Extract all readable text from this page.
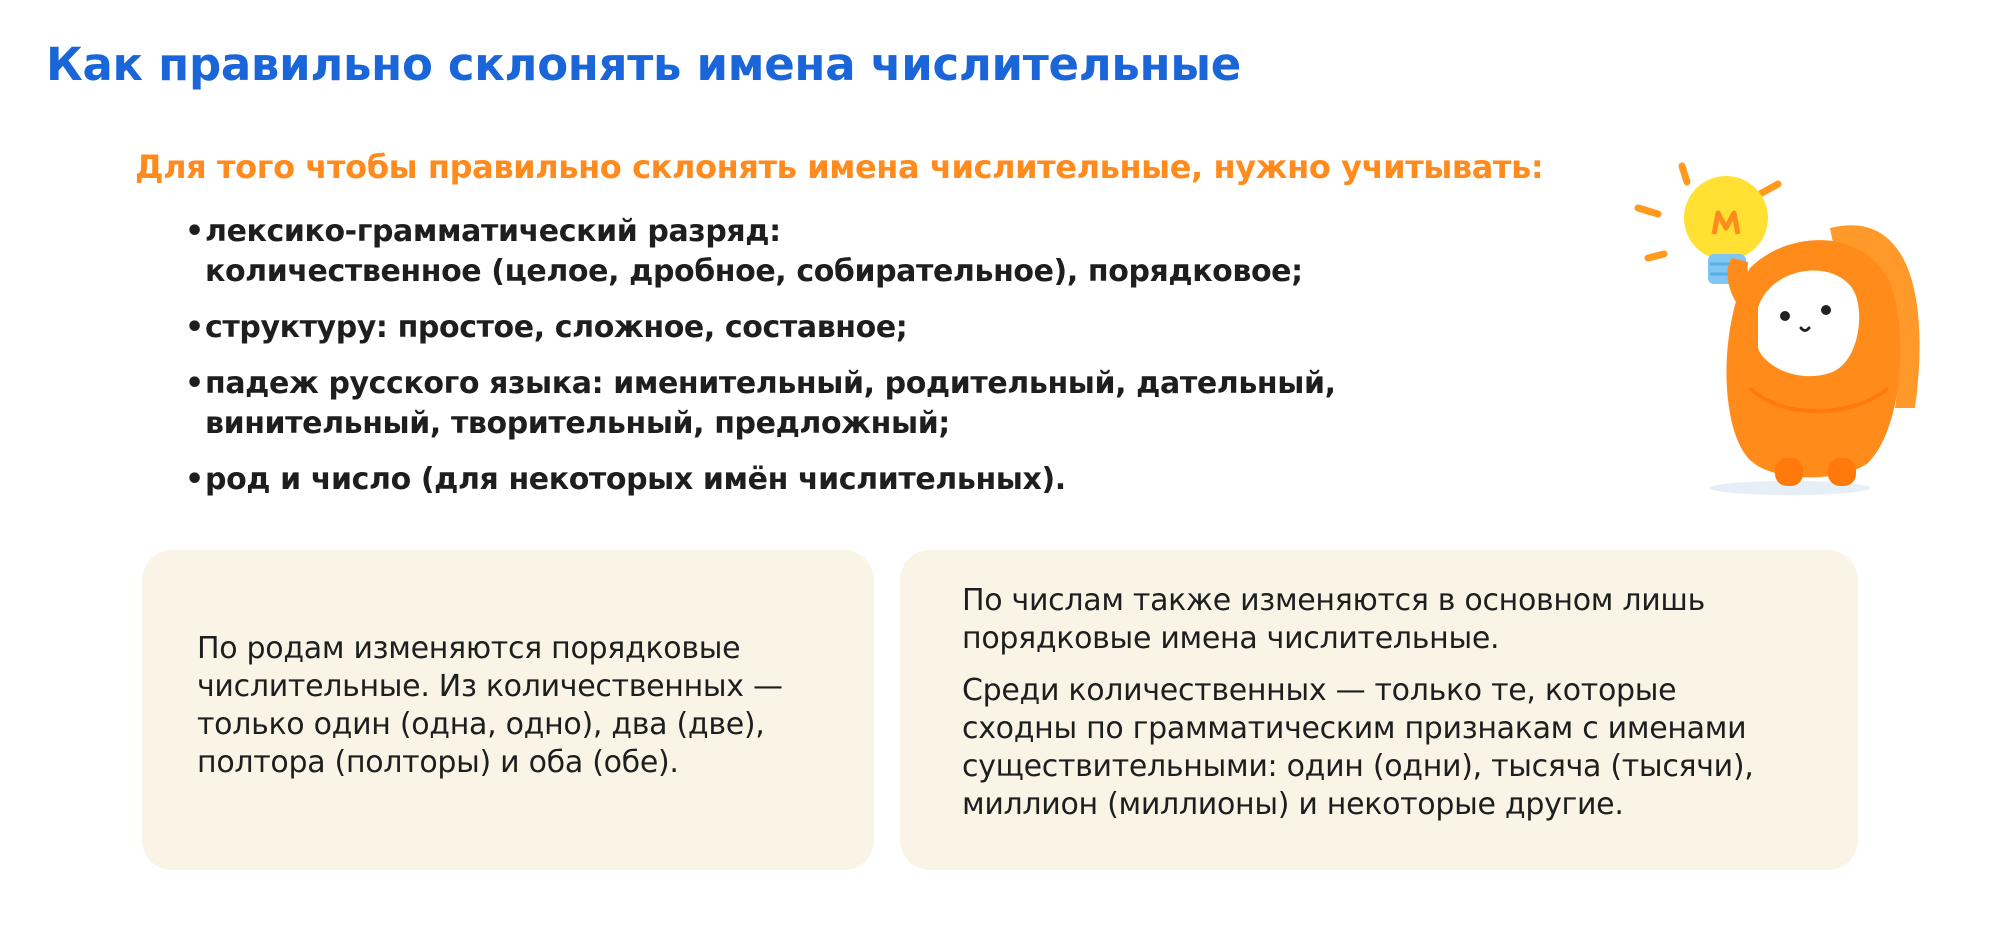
Как правильно склонять имена числительные

Для того чтобы правильно склонять имена числительные, нужно учитывать:

• лексико-грамматический разряд:
количественное (целое, дробное, собирательное), порядковое;
• структуру: простое, сложное, составное;
• падеж русского языка: именительный, родительный, дательный,
винительный, творительный, предложный;
• род и число (для некоторых имён числительных).

По родам изменяются порядковые
числительные. Из количественных —
только один (одна, одно), два (две),
полтора (полторы) и оба (обе).

По числам также изменяются в основном лишь
порядковые имена числительные.

Среди количественных — только те, которые
сходны по грамматическим признакам с именами
существительными: один (одни), тысяча (тысячи),
миллион (миллионы) и некоторые другие.
